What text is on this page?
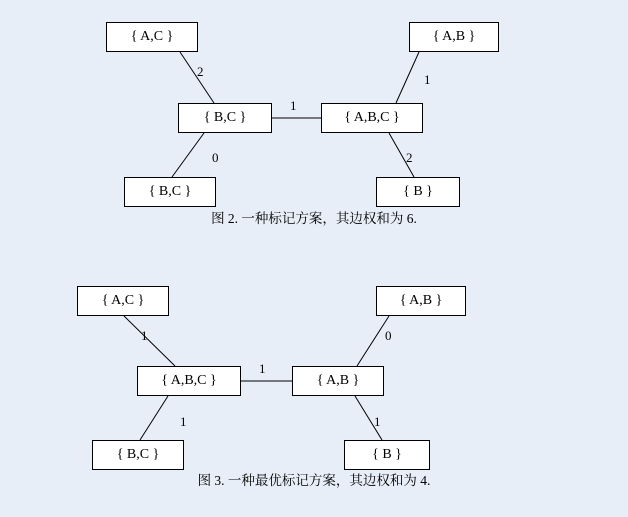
{ A,C }	{ A,B }
{ B,C }	{ A,B,C }
{ B,C }	{ B }
2
1
1
0	2
图 2. 一种标记方案，其边权和为 6.
{ A,C }	{ A,B }
{ A,B,C }	{ A,B }
{ B,C }	{ B }
1	0
1
1	1
图 3. 一种最优标记方案，其边权和为 4.
